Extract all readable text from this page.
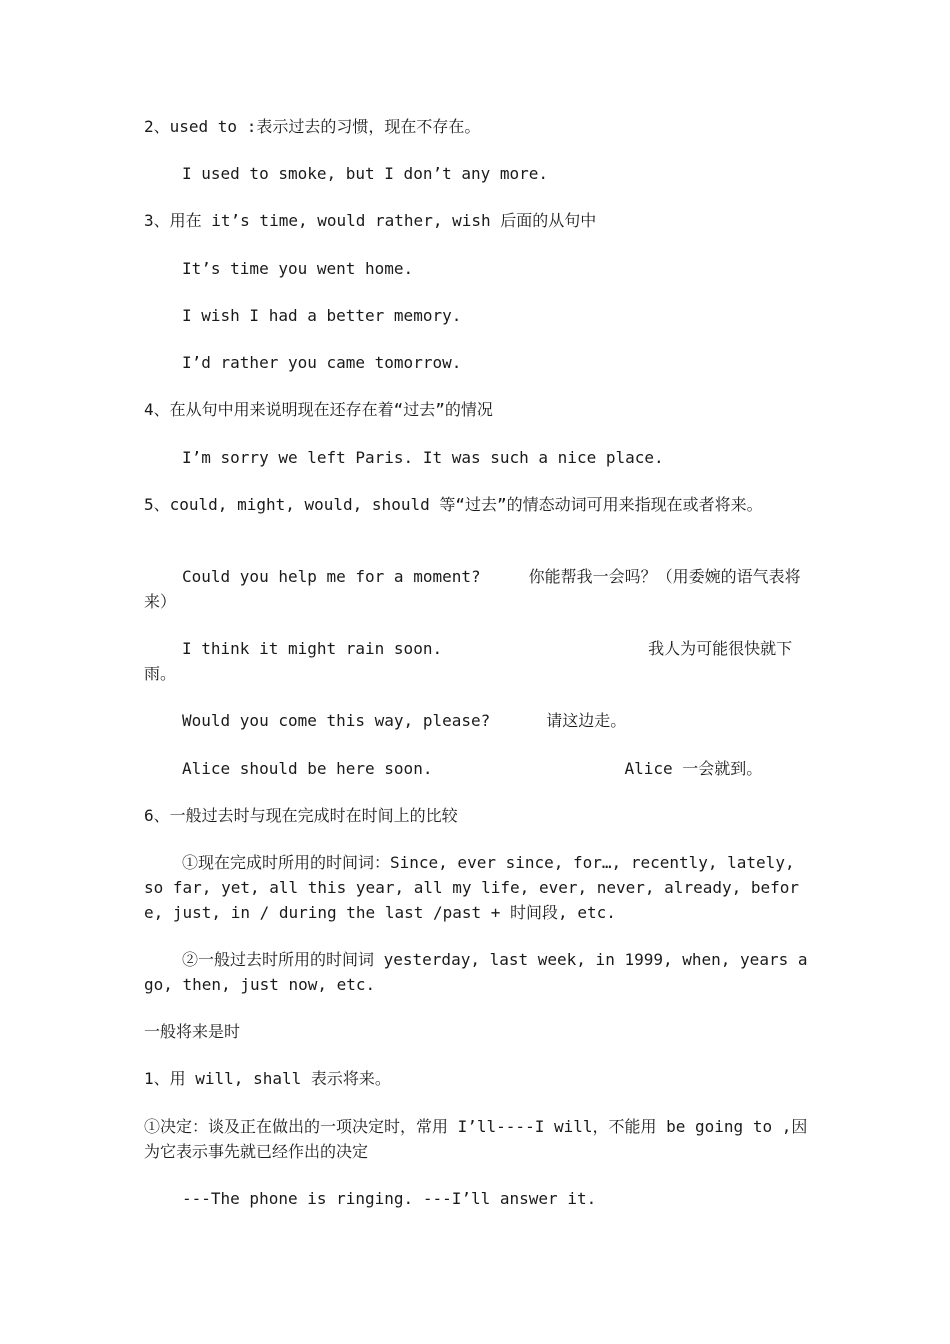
2、used to :表示过去的习惯，现在不存在。
I used to smoke, but I don’t any more.
3、用在 it’s time, would rather, wish 后面的从句中
It’s time you went home.
I wish I had a better memory.
I’d rather you came tomorrow.
4、在从句中用来说明现在还存在着“过去”的情况
I’m sorry we left Paris. It was such a nice place.
5、could, might, would, should 等“过去”的情态动词可用来指现在或者将来。
Could you help me for a moment?	你能帮我一会吗？（用委婉的语气表将来）
I think it might rain soon.	我人为可能很快就下雨。
Would you come this way, please?	请这边走。
Alice should be here soon.	Alice 一会就到。
6、一般过去时与现在完成时在时间上的比较
①现在完成时所用的时间词：Since, ever since, for…, recently, lately, so far, yet, all this year, all my life, ever, never, already, before, just, in / during the last /past + 时间段, etc.
②一般过去时所用的时间词 yesterday, last week, in 1999, when, years ago, then, just now, etc.
一般将来是时
1、用 will, shall 表示将来。
①决定：谈及正在做出的一项决定时，常用 I’ll----I will，不能用 be going to ,因为它表示事先就已经作出的决定
---The phone is ringing. ---I’ll answer it.
